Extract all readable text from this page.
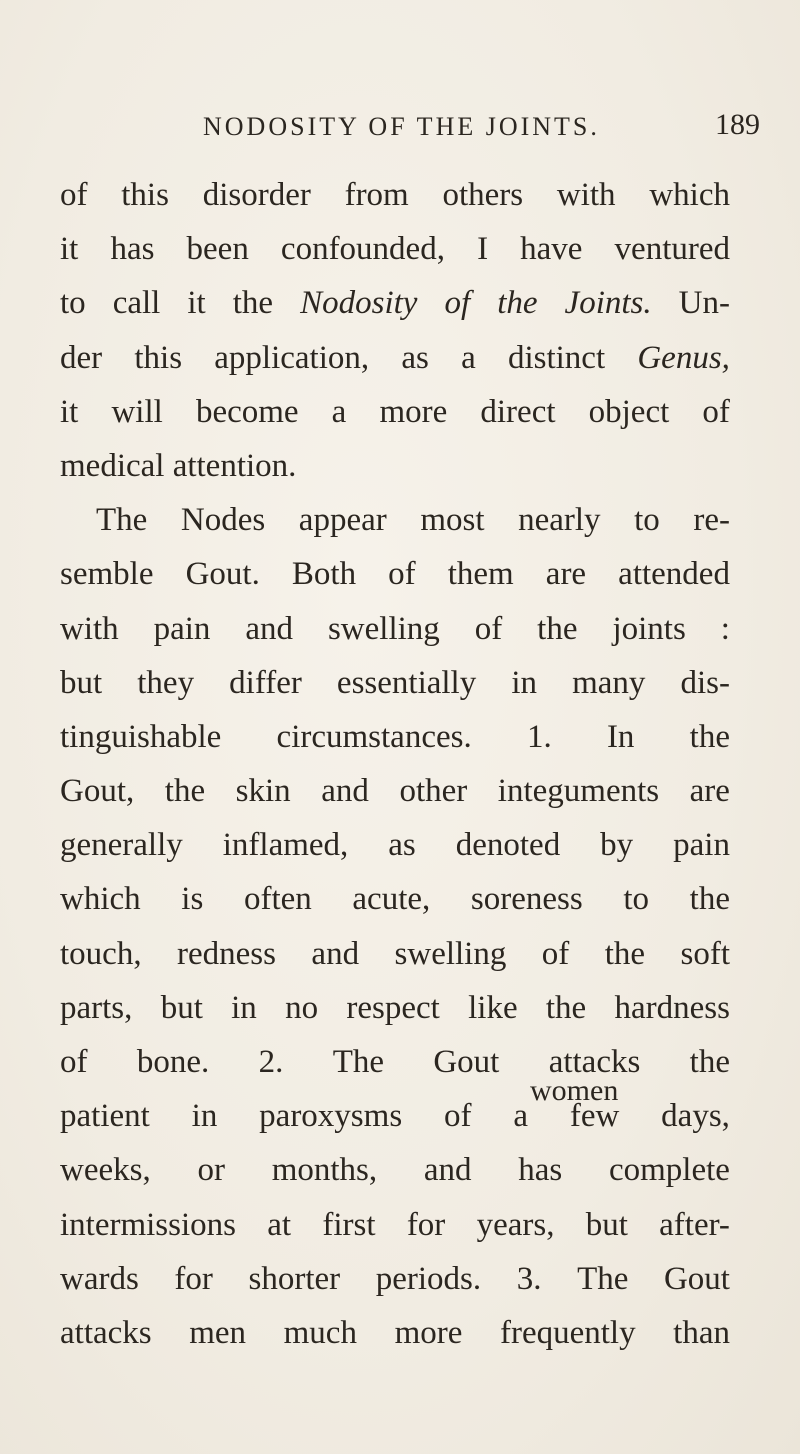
NODOSITY OF THE JOINTS.	189
of this disorder from others with which
it has been confounded, I have ventured
to call it the Nodosity of the Joints. Un-
der this application, as a distinct Genus,
it will become a more direct object of
medical
attention.
The Nodes appear most nearly to re-
semble Gout. Both of them are attended
with pain and swelling of the joints :
but they differ essentially in many dis-
tinguishable circumstances. 1. In the
Gout, the skin and other integuments are
generally inflamed, as denoted by pain
which is often acute, soreness to the
touch, redness and swelling of the soft
parts, but in no respect like the hardness
of bone. 2. The Gout attacks the
patient in paroxysms of a few days,
weeks, or months, and has complete
intermissions at first for years, but after-
wards for shorter periods. 3. The Gout
attacks men much more frequently than
women
